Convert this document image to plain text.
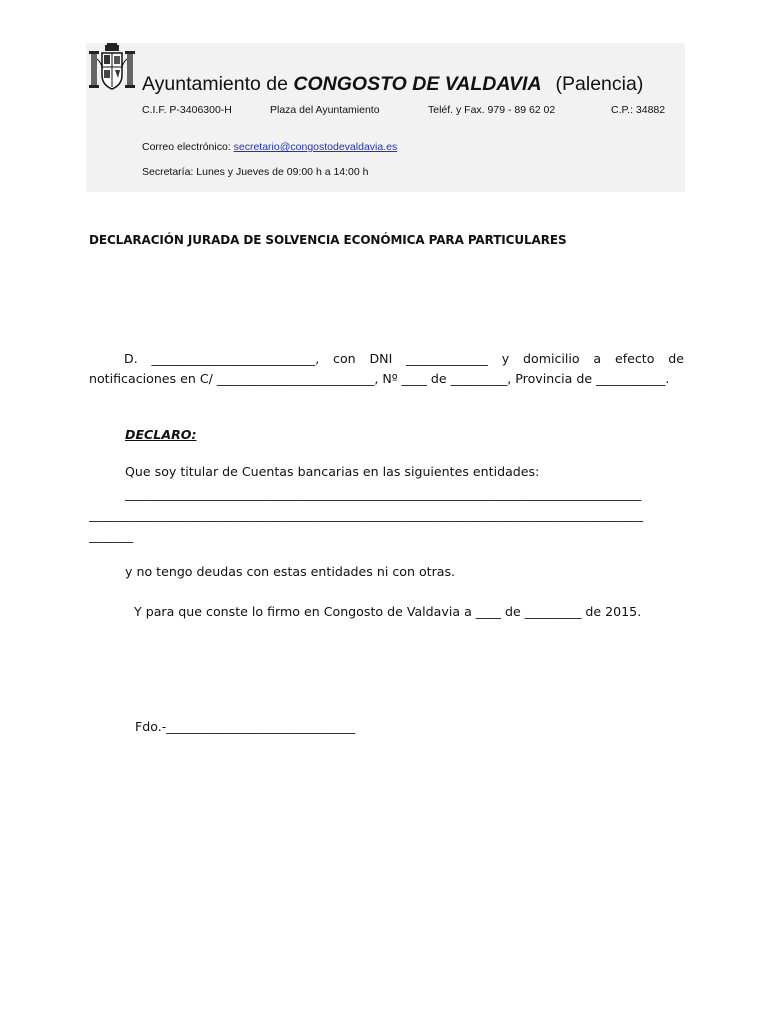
Ayuntamiento de CONGOSTO DE VALDAVIA (Palencia)
C.I.F. P-3406300-H	Plaza del Ayuntamiento	Teléf. y Fax. 979 - 89 62 02	C.P.: 34882
Correo electrónico: secretario@congostodevaldavia.es
Secretaría: Lunes y Jueves de 09:00 h a 14:00 h
DECLARACIÓN JURADA DE SOLVENCIA ECONÓMICA PARA PARTICULARES
D. __________________________, con DNI _____________ y domicilio a efecto de notificaciones en C/ _________________________, Nº ____ de _________, Provincia de ___________.
DECLARO:
Que soy titular de Cuentas bancarias en las siguientes entidades:
__________________________________________________________________________________
________________________________________________________________________________________
_______
y no tengo deudas con estas entidades ni con otras.
Y para que conste lo firmo en Congosto de Valdavia a ____ de _________ de 2015.
Fdo.-______________________________
